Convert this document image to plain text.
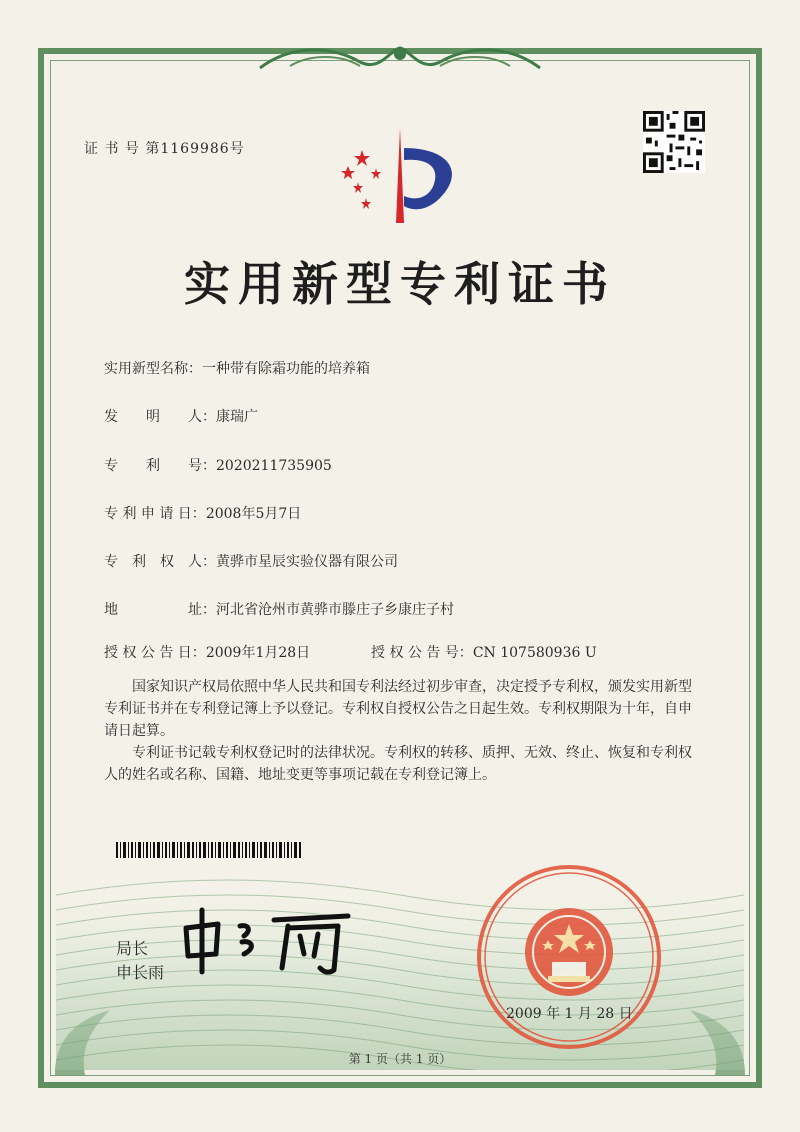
证 书 号 第1169986号
实用新型专利证书
实用新型名称：一种带有除霜功能的培养箱
发　　明　　人：康瑞广
专　　利　　号：2020211735905
专 利 申 请 日：2008年5月7日
专　利　权　人：黄骅市星辰实验仪器有限公司
地　　　　　址：河北省沧州市黄骅市滕庄子乡康庄子村
授 权 公 告 日：2009年1月28日	授 权 公 告 号：CN 107580936 U
国家知识产权局依照中华人民共和国专利法经过初步审查，决定授予专利权，颁发实用新型专利证书并在专利登记簿上予以登记。专利权自授权公告之日起生效。专利权期限为十年，自申请日起算。
专利证书记载专利权登记时的法律状况。专利权的转移、质押、无效、终止、恢复和专利权人的姓名或名称、国籍、地址变更等事项记载在专利登记簿上。
局长
申长雨
2009 年 1 月 28 日
第 1 页（共 1 页）
